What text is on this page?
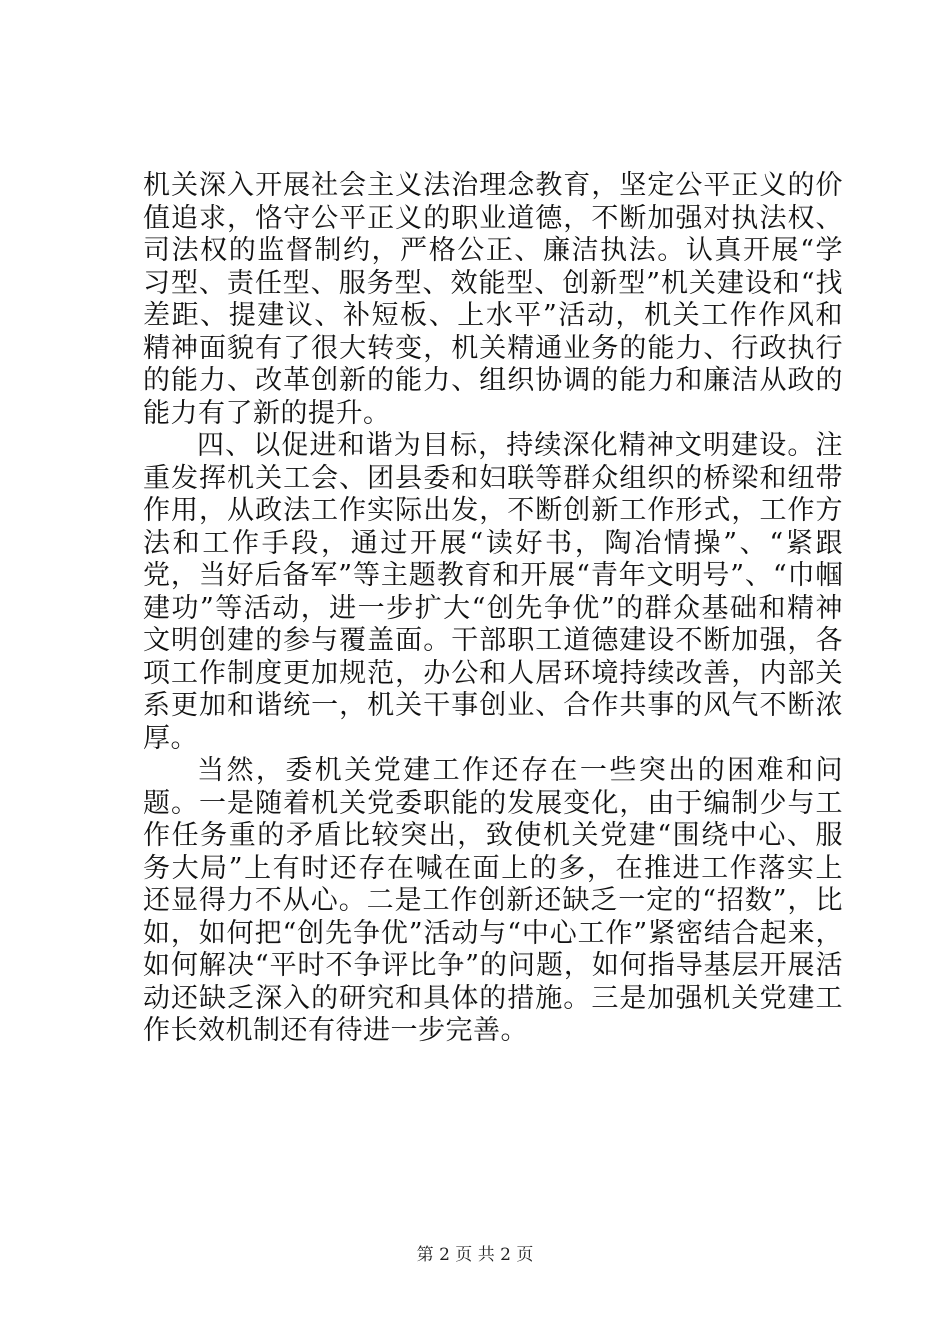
机关深入开展社会主义法治理念教育，坚定公平正义的价值追求，恪守公平正义的职业道德，不断加强对执法权、司法权的监督制约，严格公正、廉洁执法。认真开展“学习型、责任型、服务型、效能型、创新型”机关建设和“找差距、提建议、补短板、上水平”活动，机关工作作风和精神面貌有了很大转变，机关精通业务的能力、行政执行的能力、改革创新的能力、组织协调的能力和廉洁从政的能力有了新的提升。

四、以促进和谐为目标，持续深化精神文明建设。注重发挥机关工会、团县委和妇联等群众组织的桥梁和纽带作用，从政法工作实际出发，不断创新工作形式，工作方法和工作手段，通过开展“读好书，陶冶情操”、“紧跟党，当好后备军”等主题教育和开展“青年文明号”、“巾帼建功”等活动，进一步扩大“创先争优”的群众基础和精神文明创建的参与覆盖面。干部职工道德建设不断加强，各项工作制度更加规范，办公和人居环境持续改善，内部关系更加和谐统一，机关干事创业、合作共事的风气不断浓厚。

当然，委机关党建工作还存在一些突出的困难和问题。一是随着机关党委职能的发展变化，由于编制少与工作任务重的矛盾比较突出，致使机关党建“围绕中心、服务大局”上有时还存在喊在面上的多，在推进工作落实上还显得力不从心。二是工作创新还缺乏一定的“招数”，比如，如何把“创先争优”活动与“中心工作”紧密结合起来，如何解决“平时不争评比争”的问题，如何指导基层开展活动还缺乏深入的研究和具体的措施。三是加强机关党建工作长效机制还有待进一步完善。

第 2 页 共 2 页
